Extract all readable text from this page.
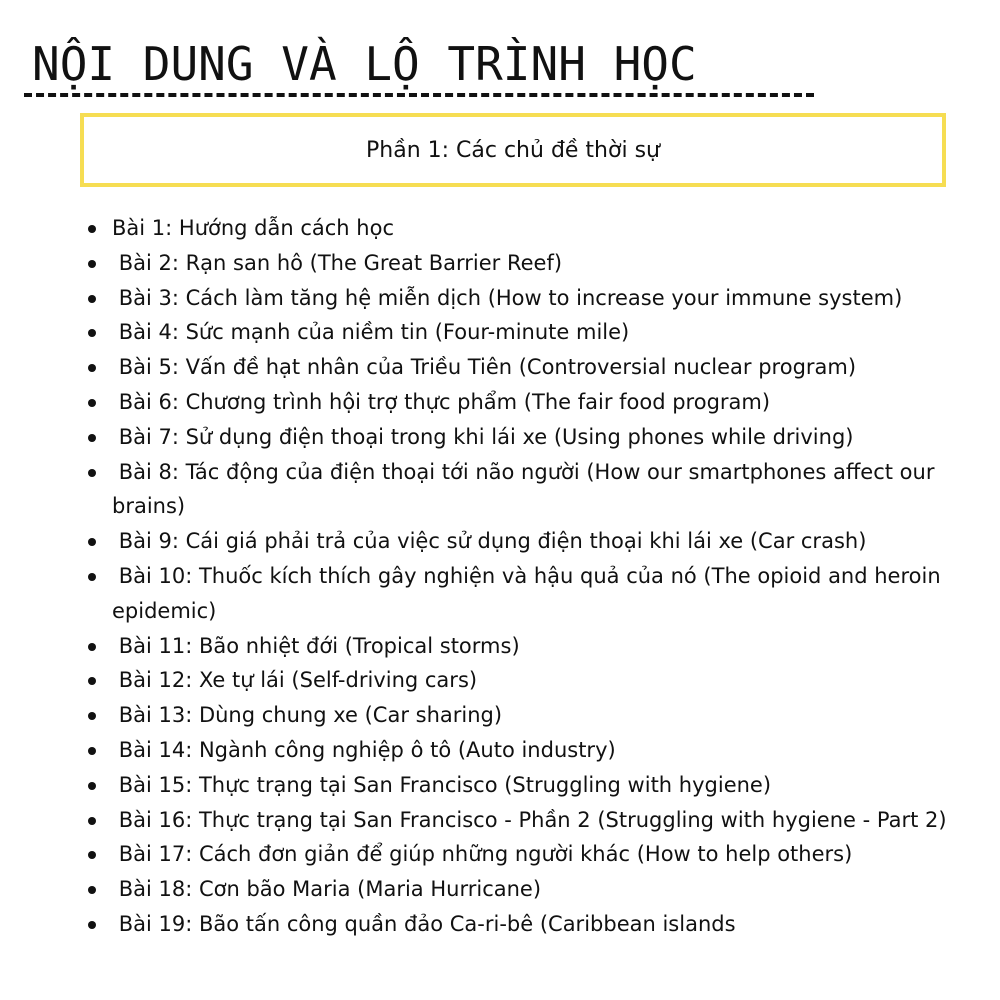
NỘI DUNG VÀ LỘ TRÌNH HỌC
Phần 1: Các chủ đề thời sự
Bài 1: Hướng dẫn cách học
Bài 2: Rạn san hô (The Great Barrier Reef)
Bài 3: Cách làm tăng hệ miễn dịch (How to increase your immune system)
Bài 4: Sức mạnh của niềm tin (Four-minute mile)
Bài 5: Vấn đề hạt nhân của Triều Tiên (Controversial nuclear program)
Bài 6: Chương trình hội trợ thực phẩm (The fair food program)
Bài 7: Sử dụng điện thoại trong khi lái xe (Using phones while driving)
Bài 8: Tác động của điện thoại tới não người (How our smartphones affect our brains)
Bài 9: Cái giá phải trả của việc sử dụng điện thoại khi lái xe (Car crash)
Bài 10: Thuốc kích thích gây nghiện và hậu quả của nó (The opioid and heroin epidemic)
Bài 11: Bão nhiệt đới (Tropical storms)
Bài 12: Xe tự lái (Self-driving cars)
Bài 13: Dùng chung xe (Car sharing)
Bài 14: Ngành công nghiệp ô tô (Auto industry)
Bài 15: Thực trạng tại San Francisco (Struggling with hygiene)
Bài 16: Thực trạng tại San Francisco - Phần 2 (Struggling with hygiene - Part 2)
Bài 17: Cách đơn giản để giúp những người khác (How to help others)
Bài 18: Cơn bão Maria (Maria Hurricane)
Bài 19: Bão tấn công quần đảo Ca-ri-bê (Caribbean islands
